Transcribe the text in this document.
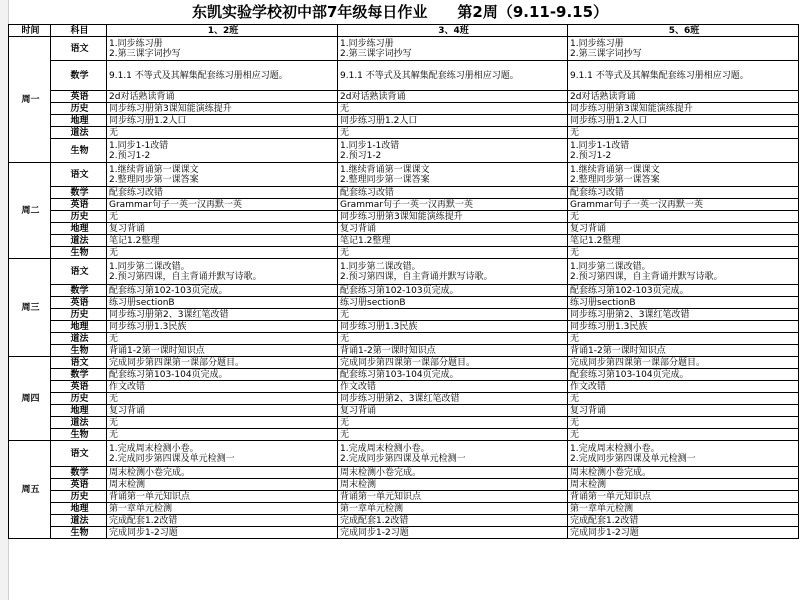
东凯实验学校初中部7年级每日作业　　第2周（9.11-9.15）
时间	科目	1、2班	3、4班	5、6班
周一	语文	1.同步练习册
2.第三课字词抄写	1.同步练习册
2.第三课字词抄写	1.同步练习册
2.第三课字词抄写

	数学	9.1.1 不等式及其解集配套练习册相应习题。	9.1.1 不等式及其解集配套练习册相应习题。	9.1.1 不等式及其解集配套练习册相应习题。

	英语	2d对话熟读背诵	2d对话熟读背诵	2d对话熟读背诵

	历史	同步练习册第3课知能演练提升	无	同步练习册第3课知能演练提升

	地理	同步练习册1.2人口	同步练习册1.2人口	同步练习册1.2人口

	道法	无	无	无

	生物	1.同步1-1改错
2.预习1-2	1.同步1-1改错
2.预习1-2	1.同步1-1改错
2.预习1-2

周二	语文	1.继续背诵第一课课文
2.整理同步第一课答案	1.继续背诵第一课课文
2.整理同步第一课答案	1.继续背诵第一课课文
2.整理同步第一课答案

	数学	配套练习改错	配套练习改错	配套练习改错

	英语	Grammar句子一英一汉再默一英	Grammar句子一英一汉再默一英	Grammar句子一英一汉再默一英

	历史	无	同步练习册第3课知能演练提升	无

	地理	复习背诵	复习背诵	复习背诵

	道法	笔记1.2整理	笔记1.2整理	笔记1.2整理

	生物	无	无	无

周三	语文	1.同步第二课改错。
2.预习第四课，自主背诵并默写诗歌。	1.同步第二课改错。
2.预习第四课，自主背诵并默写诗歌。	1.同步第二课改错。
2.预习第四课，自主背诵并默写诗歌。

	数学	配套练习第102-103页完成。	配套练习第102-103页完成。	配套练习第102-103页完成。

	英语	练习册sectionB	练习册sectionB	练习册sectionB

	历史	同步练习册第2、3课红笔改错	无	同步练习册第2、3课红笔改错

	地理	同步练习册1.3民族	同步练习册1.3民族	同步练习册1.3民族

	道法	无	无	无

	生物	背诵1-2第一课时知识点	背诵1-2第一课时知识点	背诵1-2第一课时知识点

周四	语文	完成同步第四课第一课部分题目。	完成同步第四课第一课部分题目。	完成同步第四课第一课部分题目。

	数学	配套练习第103-104页完成。	配套练习第103-104页完成。	配套练习第103-104页完成。

	英语	作文改错	作文改错	作文改错

	历史	无	同步练习册第2、3课红笔改错	无

	地理	复习背诵	复习背诵	复习背诵

	道法	无	无	无

	生物	无	无	无

周五	语文	1.完成周末检测小卷。
2.完成同步第四课及单元检测一	1.完成周末检测小卷。
2.完成同步第四课及单元检测一	1.完成周末检测小卷。
2.完成同步第四课及单元检测一

	数学	周末检测小卷完成。	周末检测小卷完成。	周末检测小卷完成。

	英语	周末检测	周末检测	周末检测

	历史	背诵第一单元知识点	背诵第一单元知识点	背诵第一单元知识点

	地理	第一章单元检测	第一章单元检测	第一章单元检测

	道法	完成配套1.2改错	完成配套1.2改错	完成配套1.2改错

	生物	完成同步1-2习题	完成同步1-2习题	完成同步1-2习题
